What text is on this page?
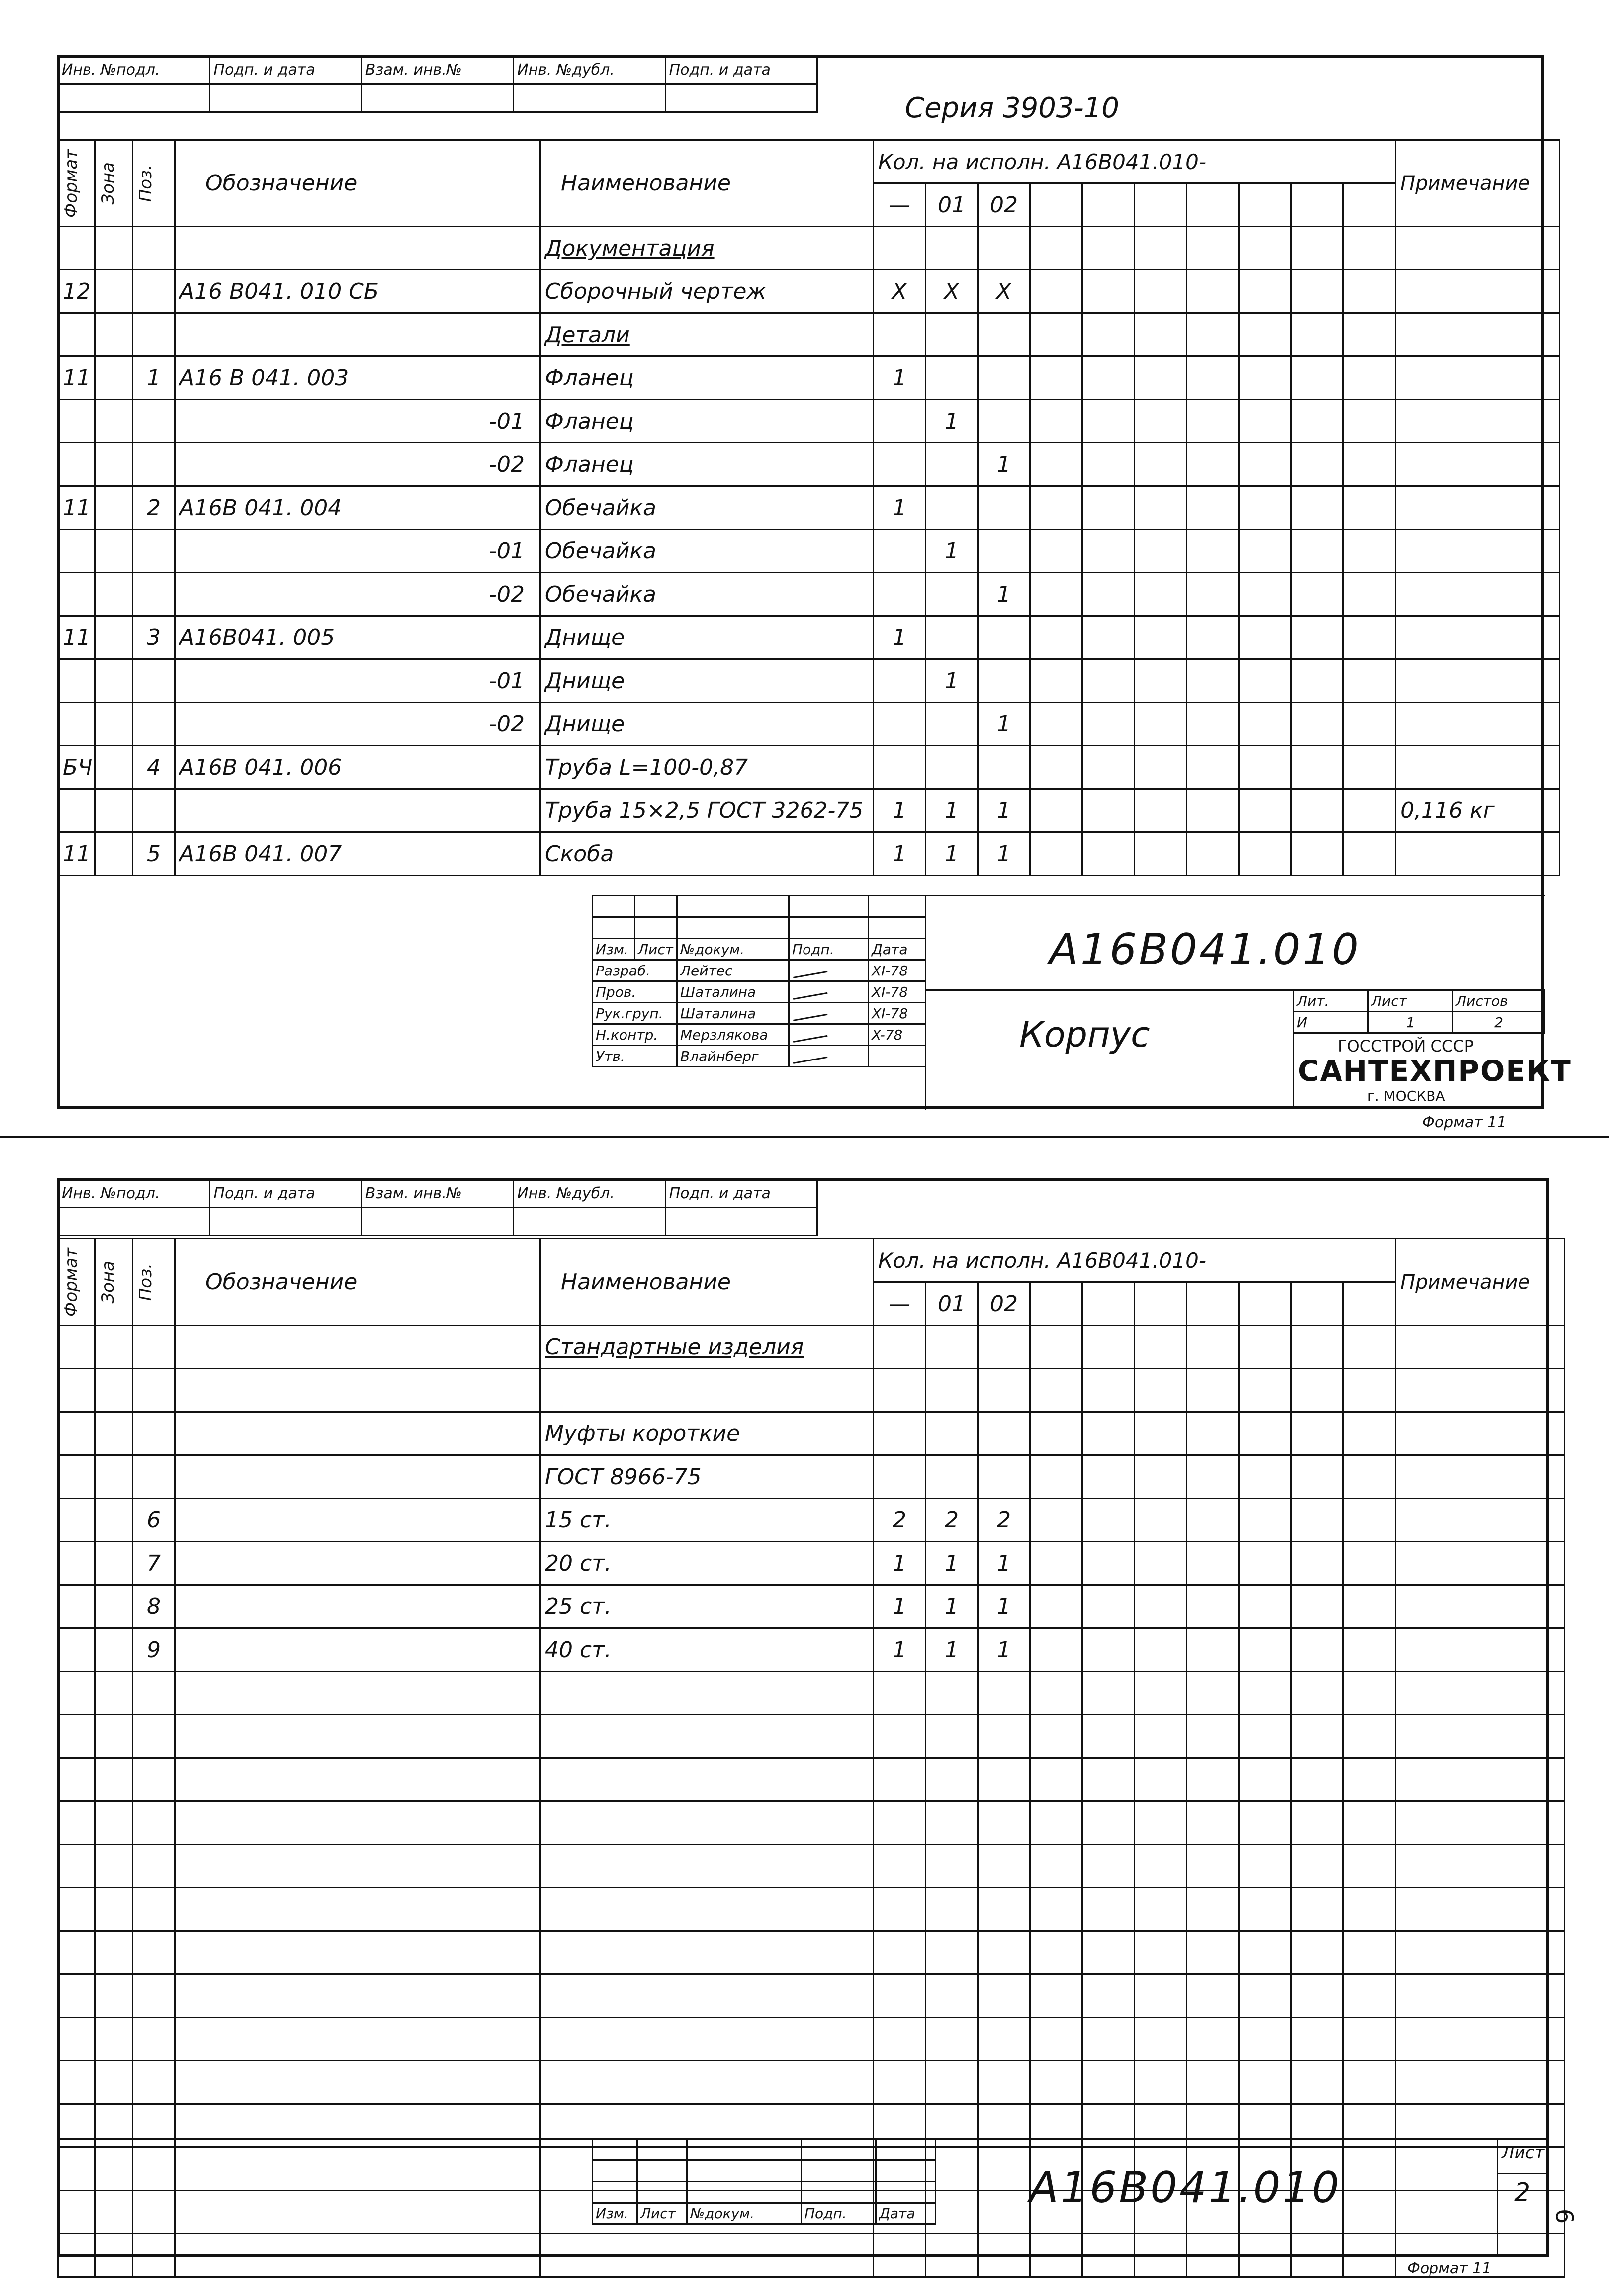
Инв. №подл.	Подп. и дата	Взам. инв.№	Инв. №дубл.	Подп. и дата

Серия 3903-10
Формат	Зона	Поз.	Обозначение	Наименование	Кол. на исполн. А16В041.010-										Примечание
					—	01	02								
				Документация											
12			А16 В041. 010 СБ	Сборочный чертеж	Х	Х	Х								
				Детали											
11		1	А16 В 041. 003	Фланец	1										
			-01	Фланец		1									
			-02	Фланец			1								
11		2	А16В 041. 004	Обечайка	1										
			-01	Обечайка		1									
			-02	Обечайка			1								
11		3	А16В041. 005	Днище	1										
			-01	Днище		1									
			-02	Днище			1								
БЧ		4	А16В 041. 006	Труба L=100-0,87											
				Труба 15×2,5 ГОСТ 3262-75	1	1	1								0,116 кг
11		5	А16В 041. 007	Скоба	1	1	1								

Изм.	Лист	№докум.	Подп.	Дата
Разраб.		Лейтес		XI-78
Пров.		Шаталина		XI-78
Рук.груп.		Шаталина		XI-78
Н.контр.		Мерзлякова		X-78
Утв.		Влайнберг		
А16В041.010
Корпус
Лит.	Лист	Листов
И	1	2
ГОССТРОЙ СССР
САНТЕХПРОЕКТ
г. МОСКВА
Формат 11
Инв. №подл.	Подп. и дата	Взам. инв.№	Инв. №дубл.	Подп. и дата

Формат	Зона	Поз.	Обозначение	Наименование	Кол. на исполн. А16В041.010-										Примечание
					—	01	02								
				Стандартные изделия											

				Муфты короткие											
				ГОСТ 8966-75											
		6		15 ст.	2	2	2								
		7		20 ст.	1	1	1								
		8		25 ст.	1	1	1								
		9		40 ст.	1	1	1								

Изм.	Лист	№докум.	Подп.	Дата
А16В041.010
Лист
2
Формат 11
6
